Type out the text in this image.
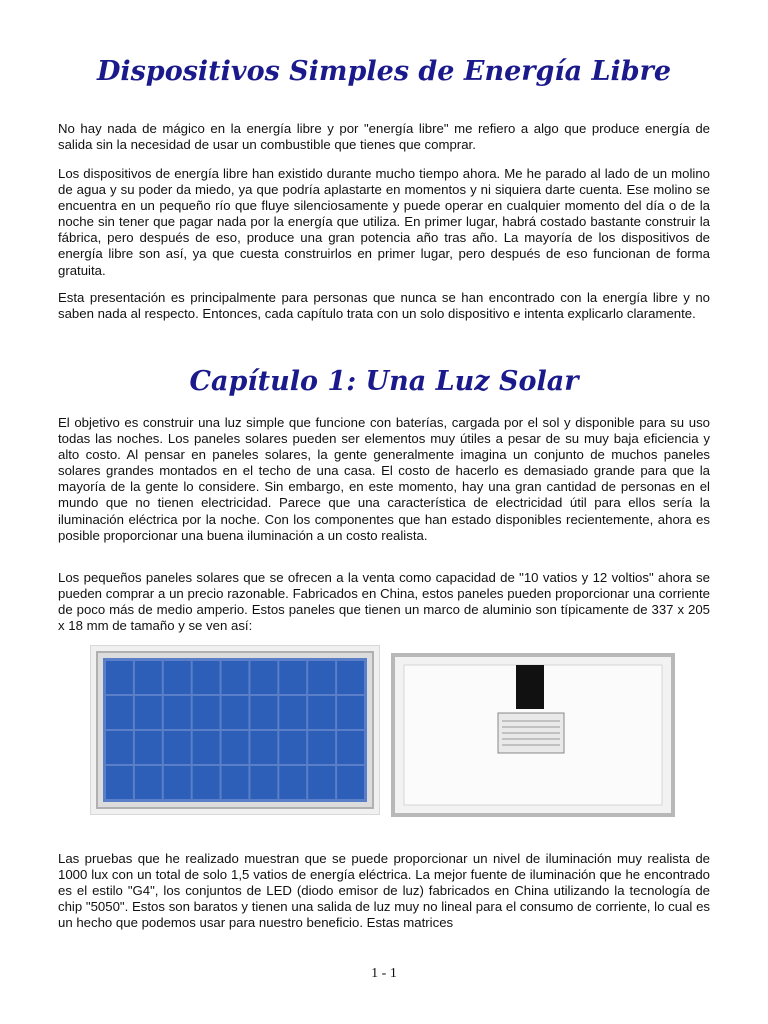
Dispositivos Simples de Energía Libre

No hay nada de mágico en la energía libre y por "energía libre" me refiero a algo que produce energía de salida sin la necesidad de usar un combustible que tienes que comprar.

Los dispositivos de energía libre han existido durante mucho tiempo ahora. Me he parado al lado de un molino de agua y su poder da miedo, ya que podría aplastarte en momentos y ni siquiera darte cuenta. Ese molino se encuentra en un pequeño río que fluye silenciosamente y puede operar en cualquier momento del día o de la noche sin tener que pagar nada por la energía que utiliza. En primer lugar, habrá costado bastante construir la fábrica, pero después de eso, produce una gran potencia año tras año. La mayoría de los dispositivos de energía libre son así, ya que cuesta construirlos en primer lugar, pero después de eso funcionan de forma gratuita.

Esta presentación es principalmente para personas que nunca se han encontrado con la energía libre y no saben nada al respecto. Entonces, cada capítulo trata con un solo dispositivo e intenta explicarlo claramente.

Capítulo 1: Una Luz Solar

El objetivo es construir una luz simple que funcione con baterías, cargada por el sol y disponible para su uso todas las noches. Los paneles solares pueden ser elementos muy útiles a pesar de su muy baja eficiencia y alto costo. Al pensar en paneles solares, la gente generalmente imagina un conjunto de muchos paneles solares grandes montados en el techo de una casa. El costo de hacerlo es demasiado grande para que la mayoría de la gente lo considere. Sin embargo, en este momento, hay una gran cantidad de personas en el mundo que no tienen electricidad. Parece que una característica de electricidad útil para ellos sería la iluminación eléctrica por la noche. Con los componentes que han estado disponibles recientemente, ahora es posible proporcionar una buena iluminación a un costo realista.

Los pequeños paneles solares que se ofrecen a la venta como capacidad de "10 vatios y 12 voltios" ahora se pueden comprar a un precio razonable. Fabricados en China, estos paneles pueden proporcionar una corriente de poco más de medio amperio. Estos paneles que tienen un marco de aluminio son típicamente de 337 x 205 x 18 mm de tamaño y se ven así:

Las pruebas que he realizado muestran que se puede proporcionar un nivel de iluminación muy realista de 1000 lux con un total de solo 1,5 vatios de energía eléctrica. La mejor fuente de iluminación que he encontrado es el estilo "G4", los conjuntos de LED (diodo emisor de luz) fabricados en China utilizando la tecnología de chip "5050". Estos son baratos y tienen una salida de luz muy no lineal para el consumo de corriente, lo cual es un hecho que podemos usar para nuestro beneficio. Estas matrices

1 - 1
